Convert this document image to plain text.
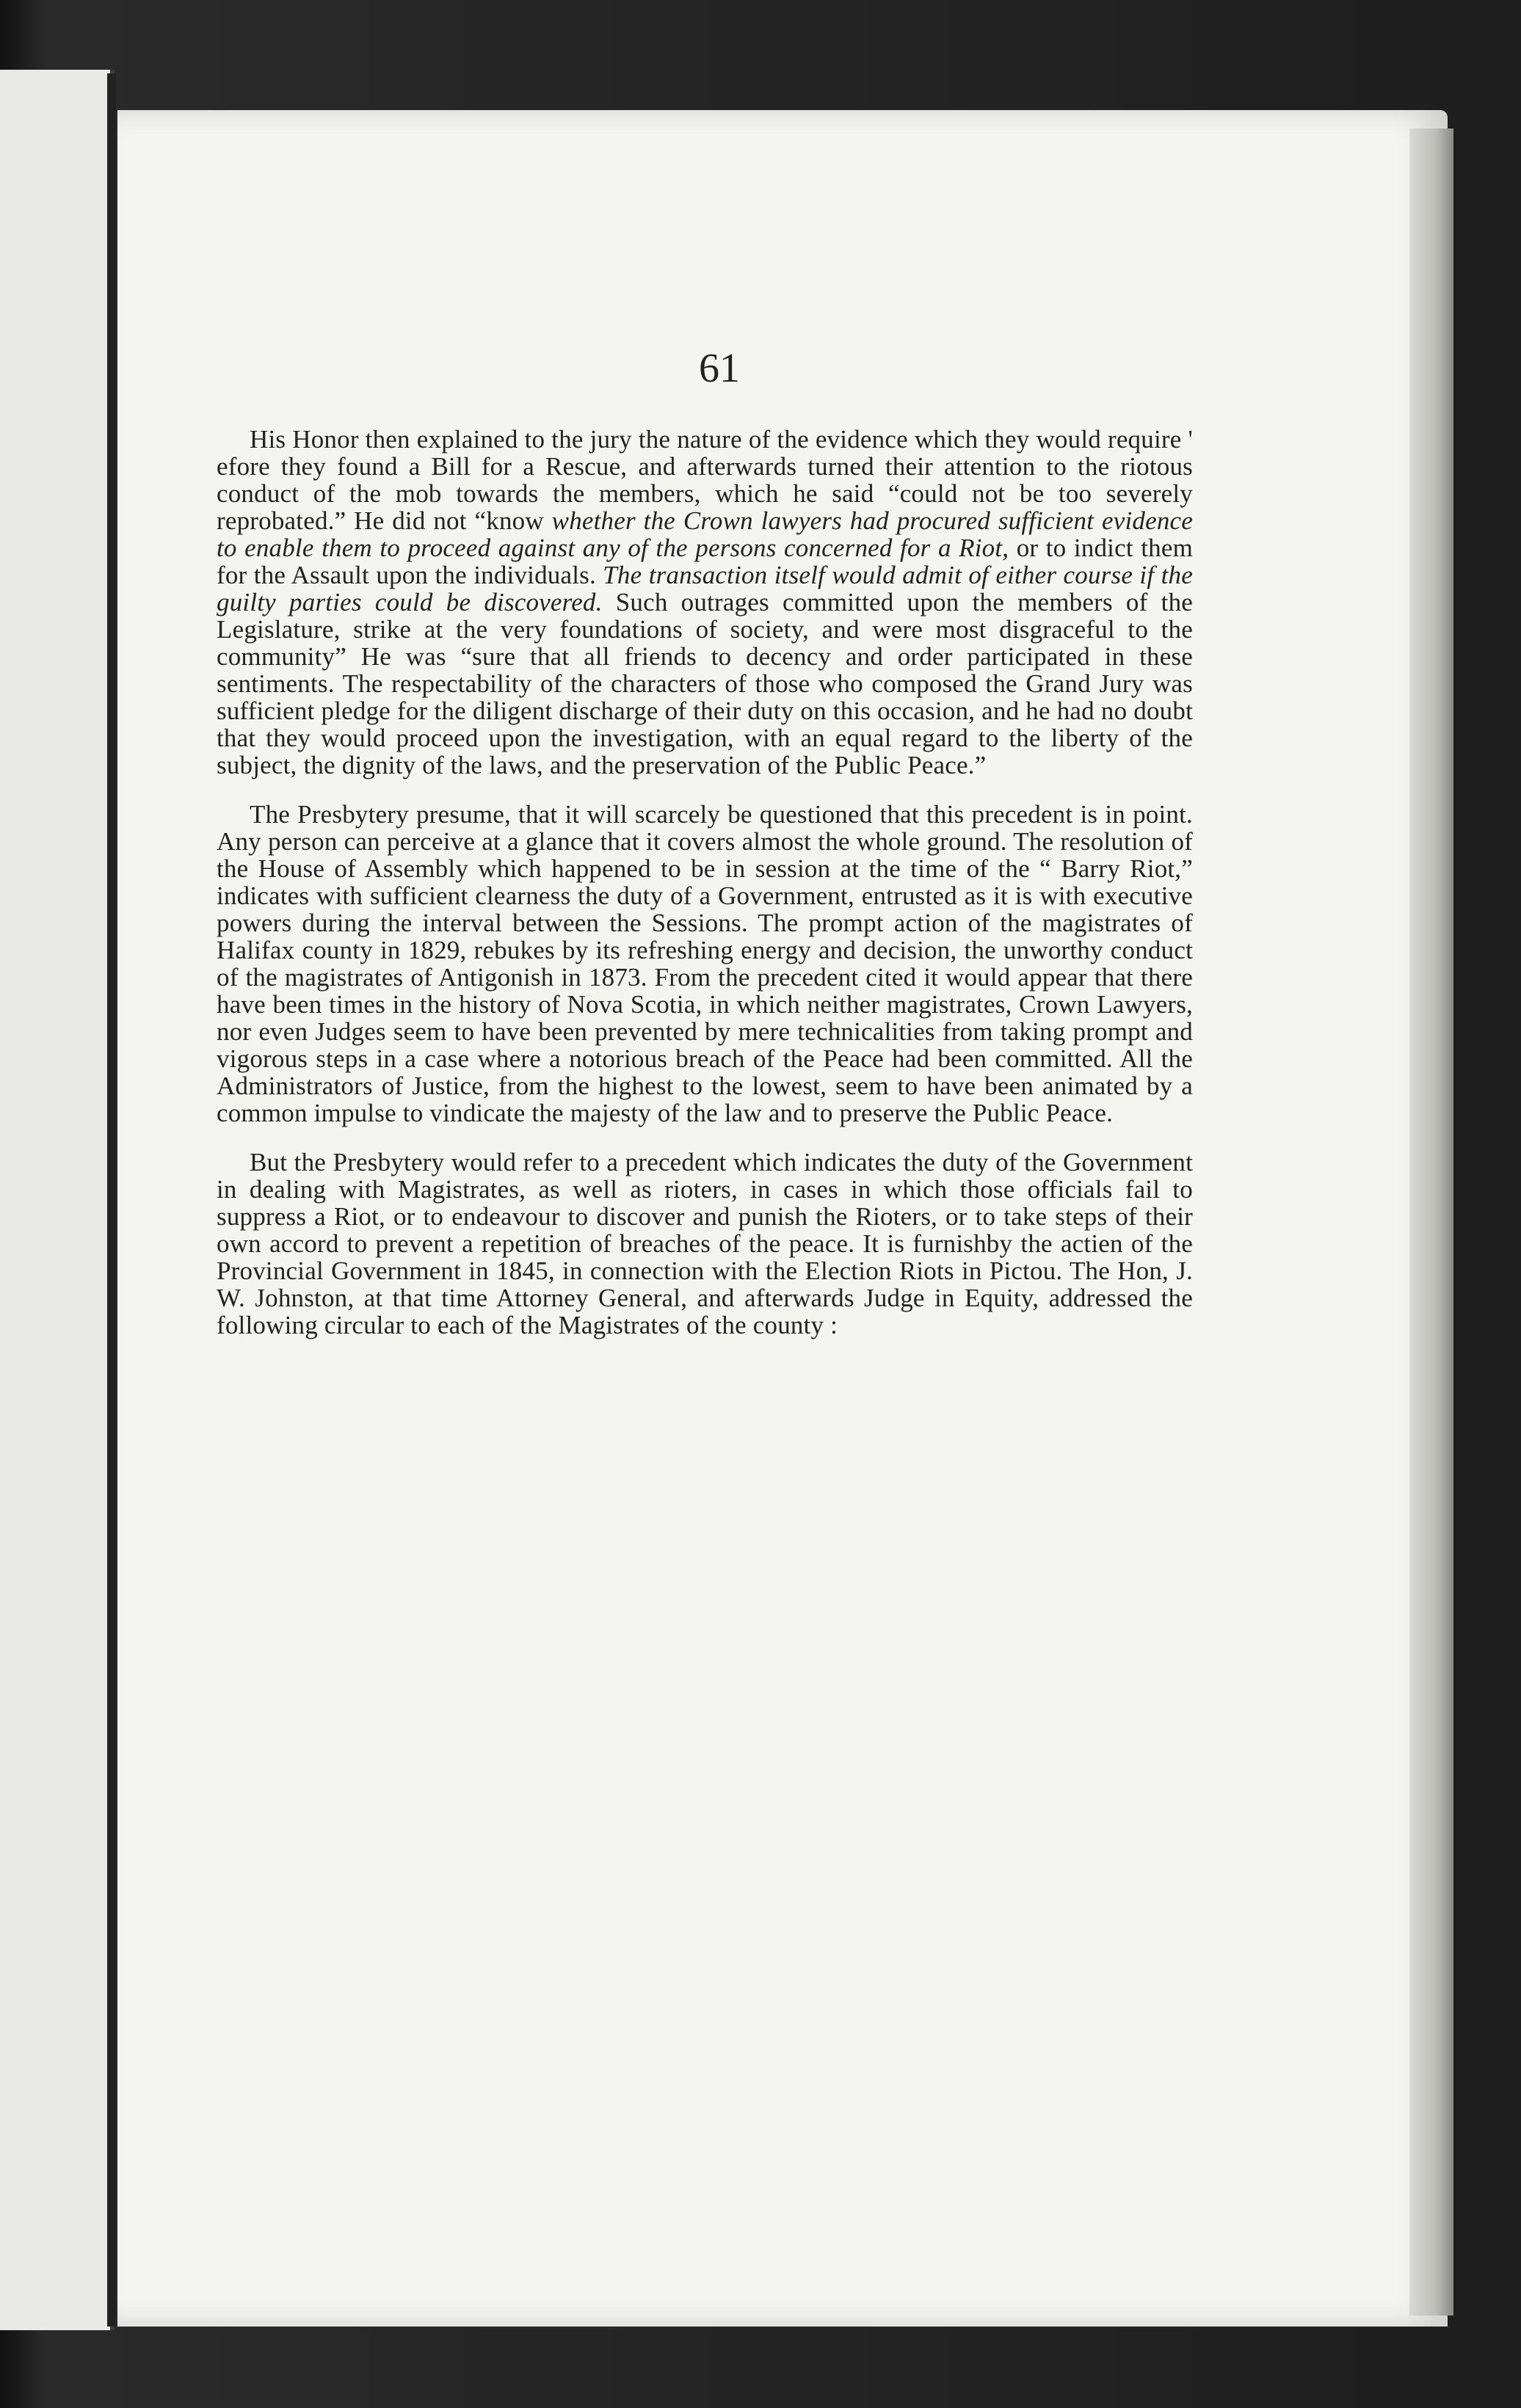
61

His Honor then explained to the jury the nature of the evidence which they would require ' efore they found a Bill for a Rescue, and afterwards turned their attention to the riotous conduct of the mob towards the members, which he said “could not be too severely reprobated.” He did not “know whether the Crown lawyers had procured sufficient evidence to enable them to proceed against any of the persons concerned for a Riot, or to indict them for the Assault upon the individuals. The transaction itself would admit of either course if the guilty parties could be discovered. Such outrages committed upon the members of the Legislature, strike at the very foundations of society, and were most disgraceful to the community” He was “sure that all friends to decency and order participated in these sentiments. The respectability of the characters of those who composed the Grand Jury was sufficient pledge for the diligent discharge of their duty on this occasion, and he had no doubt that they would proceed upon the investigation, with an equal regard to the liberty of the subject, the dignity of the laws, and the preservation of the Public Peace.”

The Presbytery presume, that it will scarcely be questioned that this precedent is in point. Any person can perceive at a glance that it covers almost the whole ground. The resolution of the House of Assembly which happened to be in session at the time of the “ Barry Riot,” indicates with sufficient clearness the duty of a Government, entrusted as it is with executive powers during the interval between the Sessions. The prompt action of the magistrates of Halifax county in 1829, rebukes by its refreshing energy and decision, the unworthy conduct of the magistrates of Antigonish in 1873. From the precedent cited it would appear that there have been times in the history of Nova Scotia, in which neither magistrates, Crown Lawyers, nor even Judges seem to have been prevented by mere technicalities from taking prompt and vigorous steps in a case where a notorious breach of the Peace had been committed. All the Administrators of Justice, from the highest to the lowest, seem to have been animated by a common impulse to vindicate the majesty of the law and to preserve the Public Peace.

But the Presbytery would refer to a precedent which indicates the duty of the Government in dealing with Magistrates, as well as rioters, in cases in which those officials fail to suppress a Riot, or to endeavour to discover and punish the Rioters, or to take steps of their own accord to prevent a repetition of breaches of the peace. It is furnishby the actien of the Provincial Government in 1845, in connection with the Election Riots in Pictou. The Hon, J. W. Johnston, at that time Attorney General, and afterwards Judge in Equity, addressed the following circular to each of the Magistrates of the county :
